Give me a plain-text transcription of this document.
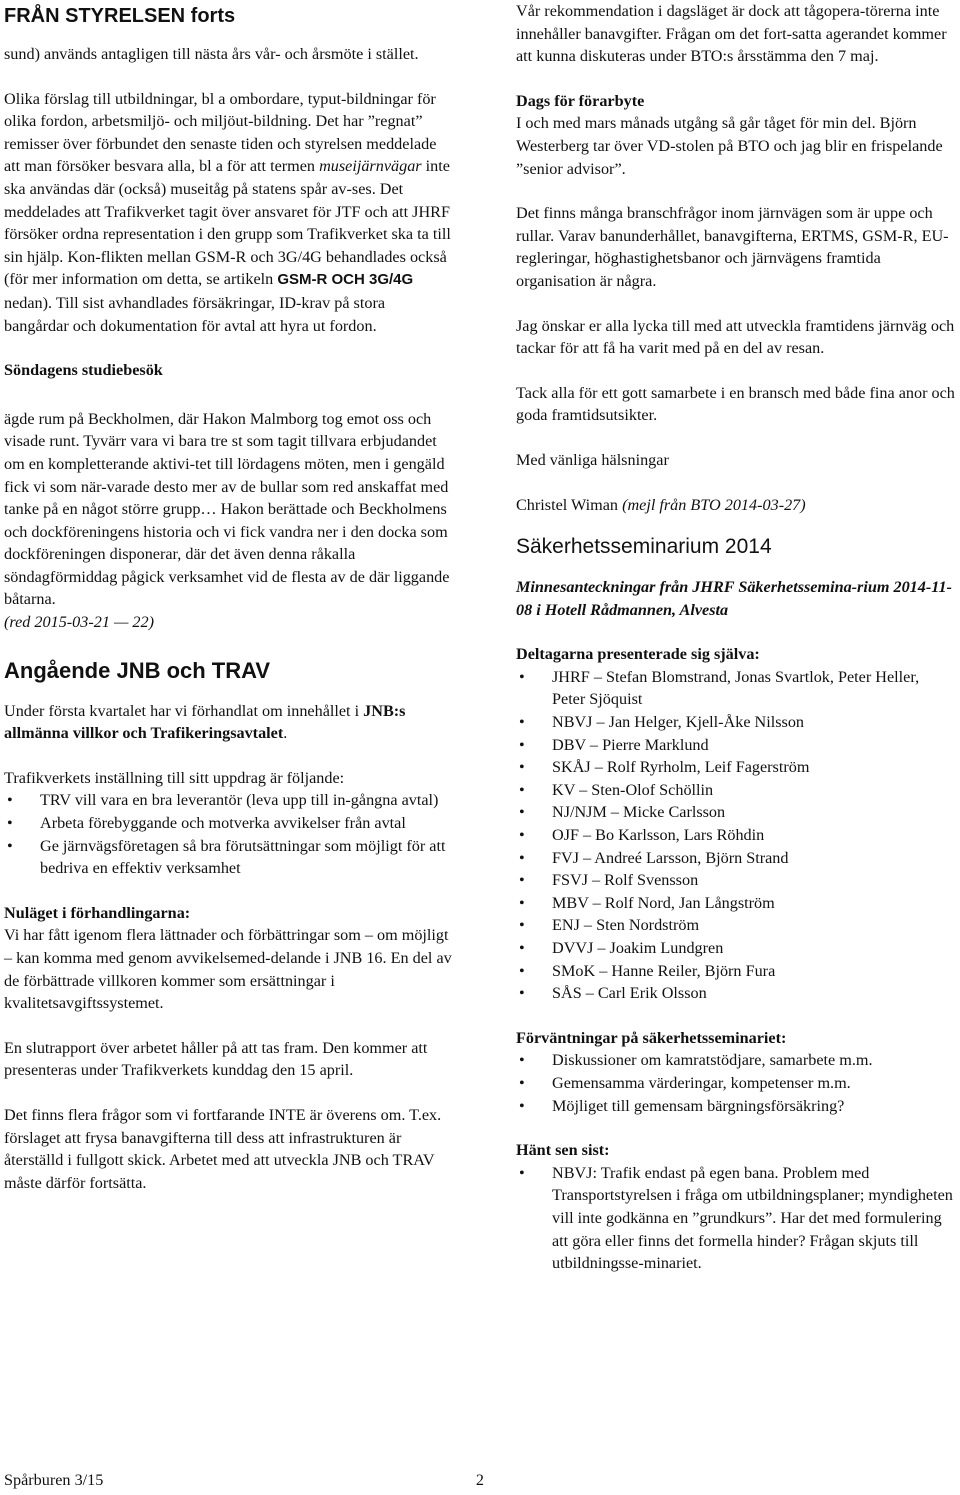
FRÅN STYRELSEN forts

sund) används antagligen till nästa års vår- och årsmöte i stället.

Olika förslag till utbildningar, bl a ombordare, typut-bildningar för olika fordon, arbetsmiljö- och miljöut-bildning. Det har ”regnat” remisser över förbundet den senaste tiden och styrelsen meddelade att man försöker besvara alla, bl a för att termen museijärnvägar inte ska användas där (också) museitåg på statens spår av-ses. Det meddelades att Trafikverket tagit över ansvaret för JTF och att JHRF försöker ordna representation i den grupp som Trafikverket ska ta till sin hjälp. Kon-flikten mellan GSM-R och 3G/4G behandlades också (för mer information om detta, se artikeln GSM-R OCH 3G/4G nedan). Till sist avhandlades försäkringar, ID-krav på stora bangårdar och dokumentation för avtal att hyra ut fordon.

Söndagens studiebesök

ägde rum på Beckholmen, där Hakon Malmborg tog emot oss och visade runt. Tyvärr vara vi bara tre st som tagit tillvara erbjudandet om en kompletterande aktivi-tet till lördagens möten, men i gengäld fick vi som när-varade desto mer av de bullar som red anskaffat med tanke på en något större grupp… Hakon berättade och Beckholmens och dockföreningens historia och vi fick vandra ner i den docka som dockföreningen disponerar, där det även denna råkalla söndagförmiddag pågick verksamhet vid de flesta av de där liggande båtarna.

(red 2015-03-21 — 22)

Angående JNB och TRAV

Under första kvartalet har vi förhandlat om innehållet i JNB:s allmänna villkor och Trafikeringsavtalet.

Trafikverkets inställning till sitt uppdrag är följande:

• TRV vill vara en bra leverantör (leva upp till in-gångna avtal)
• Arbeta förebyggande och motverka avvikelser från avtal
• Ge järnvägsföretagen så bra förutsättningar som möjligt för att bedriva en effektiv verksamhet

Nuläget i förhandlingarna:

Vi har fått igenom flera lättnader och förbättringar som – om möjligt – kan komma med genom avvikelsemed-delande i JNB 16. En del av de förbättrade villkoren kommer som ersättningar i kvalitetsavgiftssystemet.

En slutrapport över arbetet håller på att tas fram. Den kommer att presenteras under Trafikverkets kunddag den 15 april.

Det finns flera frågor som vi fortfarande INTE är överens om. T.ex. förslaget att frysa banavgifterna till dess att infrastrukturen är återställd i fullgott skick. Arbetet med att utveckla JNB och TRAV måste därför fortsätta.

Vår rekommendation i dagsläget är dock att tågopera-törerna inte innehåller banavgifter. Frågan om det fort-satta agerandet kommer att kunna diskuteras under BTO:s årsstämma den 7 maj.

Dags för förarbyte

I och med mars månads utgång så går tåget för min del. Björn Westerberg tar över VD-stolen på BTO och jag blir en frispelande ”senior advisor”.

Det finns många branschfrågor inom järnvägen som är uppe och rullar. Varav banunderhållet, banavgifterna, ERTMS, GSM-R, EU-regleringar, höghastighetsbanor och järnvägens framtida organisation är några.

Jag önskar er alla lycka till med att utveckla framtidens järnväg och tackar för att få ha varit med på en del av resan.

Tack alla för ett gott samarbete i en bransch med både fina anor och goda framtidsutsikter.

Med vänliga hälsningar

Christel Wiman (mejl från BTO 2014-03-27)

Säkerhetsseminarium 2014

Minnesanteckningar från JHRF Säkerhetssemina-rium 2014-11-08 i Hotell Rådmannen, Alvesta

Deltagarna presenterade sig själva:

• JHRF – Stefan Blomstrand, Jonas Svartlok, Peter Heller, Peter Sjöquist
• NBVJ – Jan Helger, Kjell-Åke Nilsson
• DBV – Pierre Marklund
• SKÅJ – Rolf Ryrholm, Leif Fagerström
• KV – Sten-Olof Schöllin
• NJ/NJM – Micke Carlsson
• OJF – Bo Karlsson, Lars Röhdin
• FVJ – Andreé Larsson, Björn Strand
• FSVJ – Rolf Svensson
• MBV – Rolf Nord, Jan Långström
• ENJ – Sten Nordström
• DVVJ – Joakim Lundgren
• SMoK – Hanne Reiler, Björn Fura
• SÅS – Carl Erik Olsson

Förväntningar på säkerhetsseminariet:

• Diskussioner om kamratstödjare, samarbete m.m.
• Gemensamma värderingar, kompetenser m.m.
• Möjliget till gemensam bärgningsförsäkring?

Hänt sen sist:

• NBVJ: Trafik endast på egen bana. Problem med Transportstyrelsen i fråga om utbildningsplaner; myndigheten vill inte godkänna en ”grundkurs”. Har det med formulering att göra eller finns det formella hinder? Frågan skjuts till utbildningsse-minariet.
Spårburen 3/15	2
